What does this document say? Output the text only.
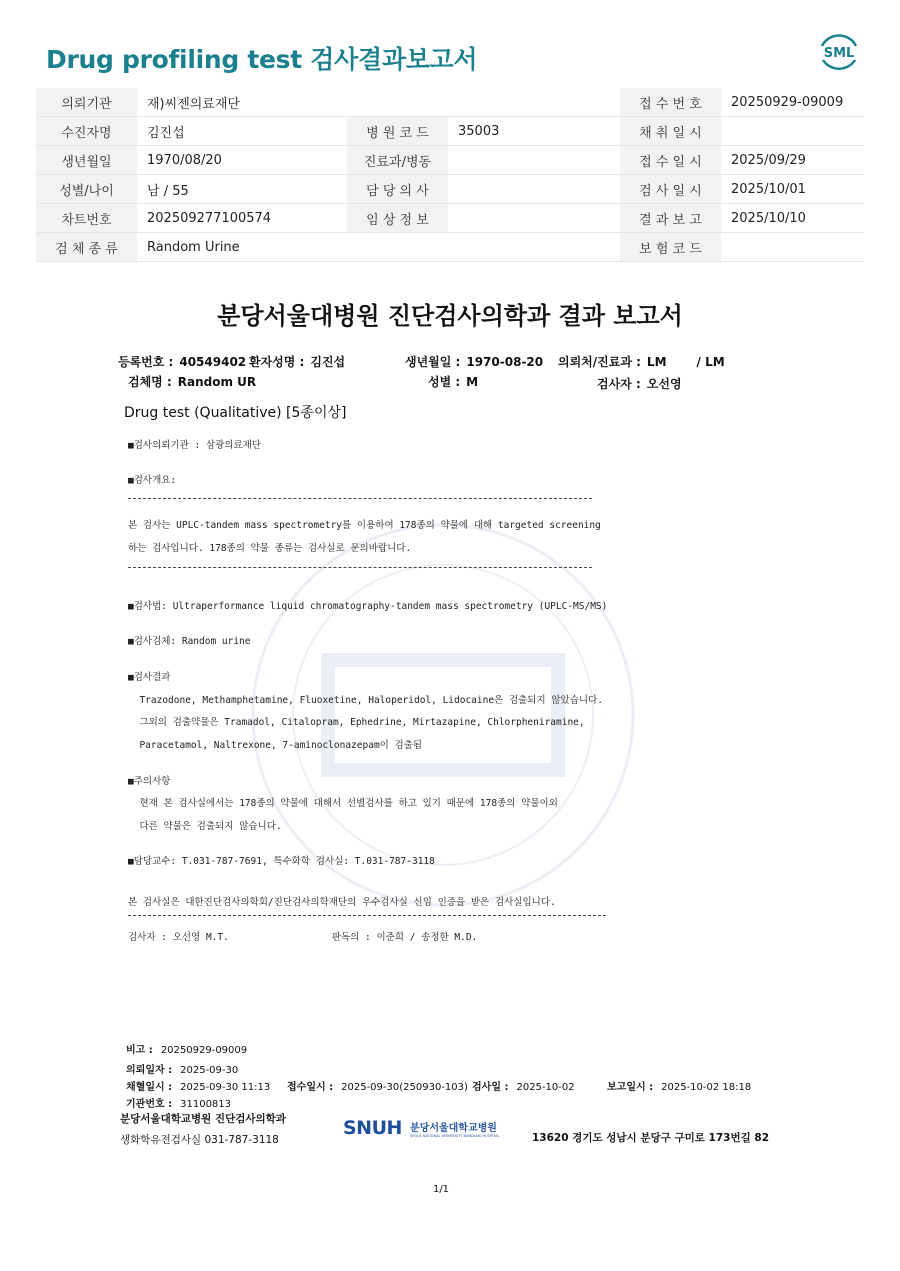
Drug profiling test 검사결과보고서	SML
의뢰기관	재)씨젠의료재단			접 수 번 호	20250929-09009
수진자명	김진섭	병 원 코 드	35003	채 취 일 시	
생년월일	1970/08/20	진료과/병동		접 수 일 시	2025/09/29
성별/나이	남 / 55	담 당 의 사		검 사 일 시	2025/10/01
차트번호	202509277100574	임 상 정 보		결 과 보 고	2025/10/10
검 체 종 류	Random Urine			보 험 코 드	
분당서울대병원 진단검사의학과 결과 보고서
등록번호 : 40549402 환자성명 : 김진섭	생년월일 : 1970-08-20 의뢰처/진료과 : LM	/ LM
검체명 : Random UR	성별 : M	검사자 : 오선영
Drug test (Qualitative) [5종이상]
■검사의뢰기관 : 삼광의료재단
■검사개요:
본 검사는 UPLC-tandem mass spectrometry를 이용하여 178종의 약물에 대해 targeted screening
하는 검사입니다. 178종의 약물 종류는 검사실로 문의바랍니다.
■검사법: Ultraperformance liquid chromatography-tandem mass spectrometry (UPLC-MS/MS)
■검사검체: Random urine
■검사결과
Trazodone, Methamphetamine, Fluoxetine, Haloperidol, Lidocaine은 검출되지 않았습니다.
그외의 검출약물은 Tramadol, Citalopram, Ephedrine, Mirtazapine, Chlorpheniramine,
Paracetamol, Naltrexone, 7-aminoclonazepam이 검출됨
■주의사항
현재 본 검사실에서는 178종의 약물에 대해서 선별검사를 하고 있기 때문에 178종의 약물이외
다른 약물은 검출되지 않습니다.
■담당교수: T.031-787-7691, 특수화학 검사실: T.031-787-3118
본 검사실은 대한진단검사의학회/진단검사의학재단의 우수검사실 신임 인증을 받은 검사실입니다.
검사자 : 오선영 M.T.                  판독의 : 이준희 / 송정한 M.D.
비고 : 20250929-09009
의뢰일자 : 2025-09-30
채혈일시 : 2025-09-30 11:13 접수일시 : 2025-09-30(250930-103) 검사일 : 2025-10-02	보고일시 : 2025-10-02 18:18
기관번호 : 31100813
분당서울대학교병원 진단검사의학과
생화학유전검사실 031-787-3118
SNUH 분당서울대학교병원
SEOUL NATIONAL UNIVERSITY BUNDANG HOSPITAL	13620 경기도 성남시 분당구 구미로 173번길 82
1/1
